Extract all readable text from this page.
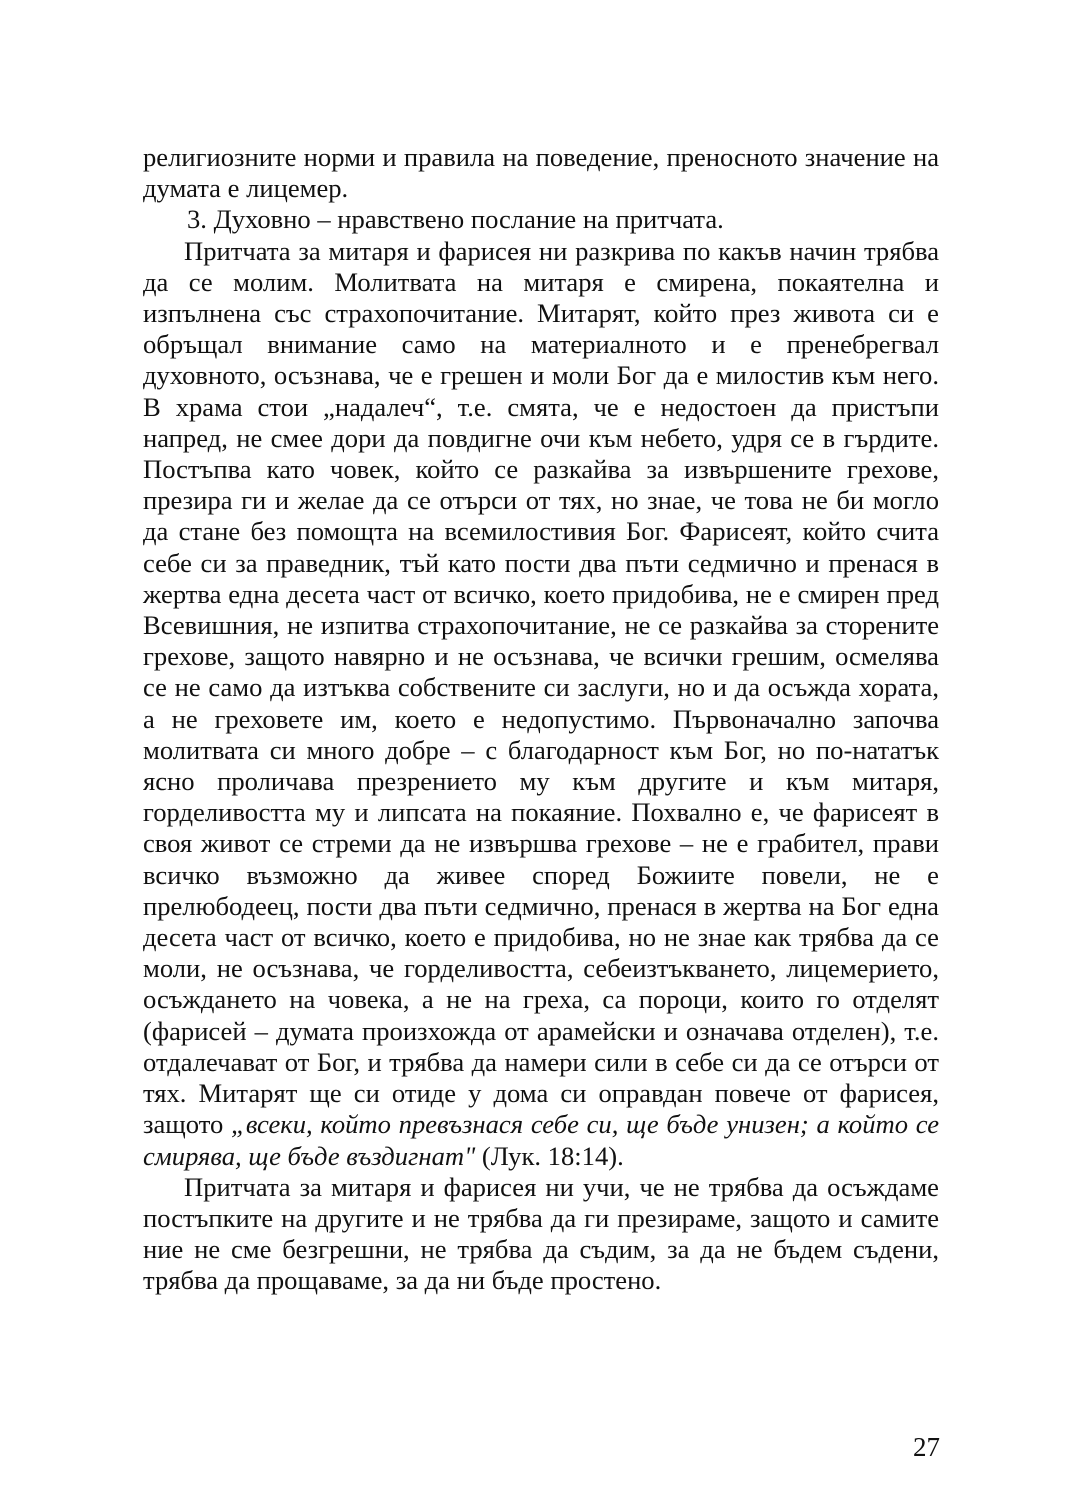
религиозните норми и правила на поведение, преносното значение на думата е лицемер.

3. Духовно – нравствено послание на притчата.

Притчата за митаря и фарисея ни разкрива по какъв начин трябва да се молим. Молитвата на митаря е смирена, покаятелна и изпълнена със страхопочитание. Митарят, който през живота си е обръщал внимание само на материалното и е пренебрегвал духовното, осъзнава, че е грешен и моли Бог да е милостив към него. В храма стои „надалеч“, т.е. смята, че е недостоен да пристъпи напред, не смее дори да повдигне очи към небето, удря се в гърдите. Постъпва като човек, който се разкайва за извършените грехове, презира ги и желае да се отърси от тях, но знае, че това не би могло да стане без помощта на всемилостивия Бог. Фарисеят, който счита себе си за праведник, тъй като пости два пъти седмично и пренася в жертва една десета част от всичко, което придобива, не е смирен пред Всевишния, не изпитва страхопочитание, не се разкайва за сторените грехове, защото навярно и не осъзнава, че всички грешим, осмелява се не само да изтъква собствените си заслуги, но и да осъжда хората, а не греховете им, което е недопустимо. Първоначално започва молитвата си много добре – с благодарност към Бог, но по-нататък ясно проличава презрението му към другите и към митаря, горделивостта му и липсата на покаяние. Похвално е, че фарисеят в своя живот се стреми да не извършва грехове – не е грабител, прави всичко възможно да живее според Божиите повели, не е прелюбодеец, пости два пъти седмично, пренася в жертва на Бог една десета част от всичко, което е придобива, но не знае как трябва да се моли, не осъзнава, че горделивостта, себеизтъкването, лицемерието, осъждането на човека, а не на греха, са пороци, които го отделят (фарисей – думата произхожда от арамейски и означава отделен), т.е. отдалечават от Бог, и трябва да намери сили в себе си да се отърси от тях. Митарят ще си отиде у дома си оправдан повече от фарисея, защото „всеки, който превъзнася себе си, ще бъде унизен; а който се смирява, ще бъде въздигнат" (Лук. 18:14).

Притчата за митаря и фарисея ни учи, че не трябва да осъждаме постъпките на другите и не трябва да ги презираме, защото и самите ние не сме безгрешни, не трябва да съдим, за да не бъдем съдени, трябва да прощаваме, за да ни бъде простено.

27
